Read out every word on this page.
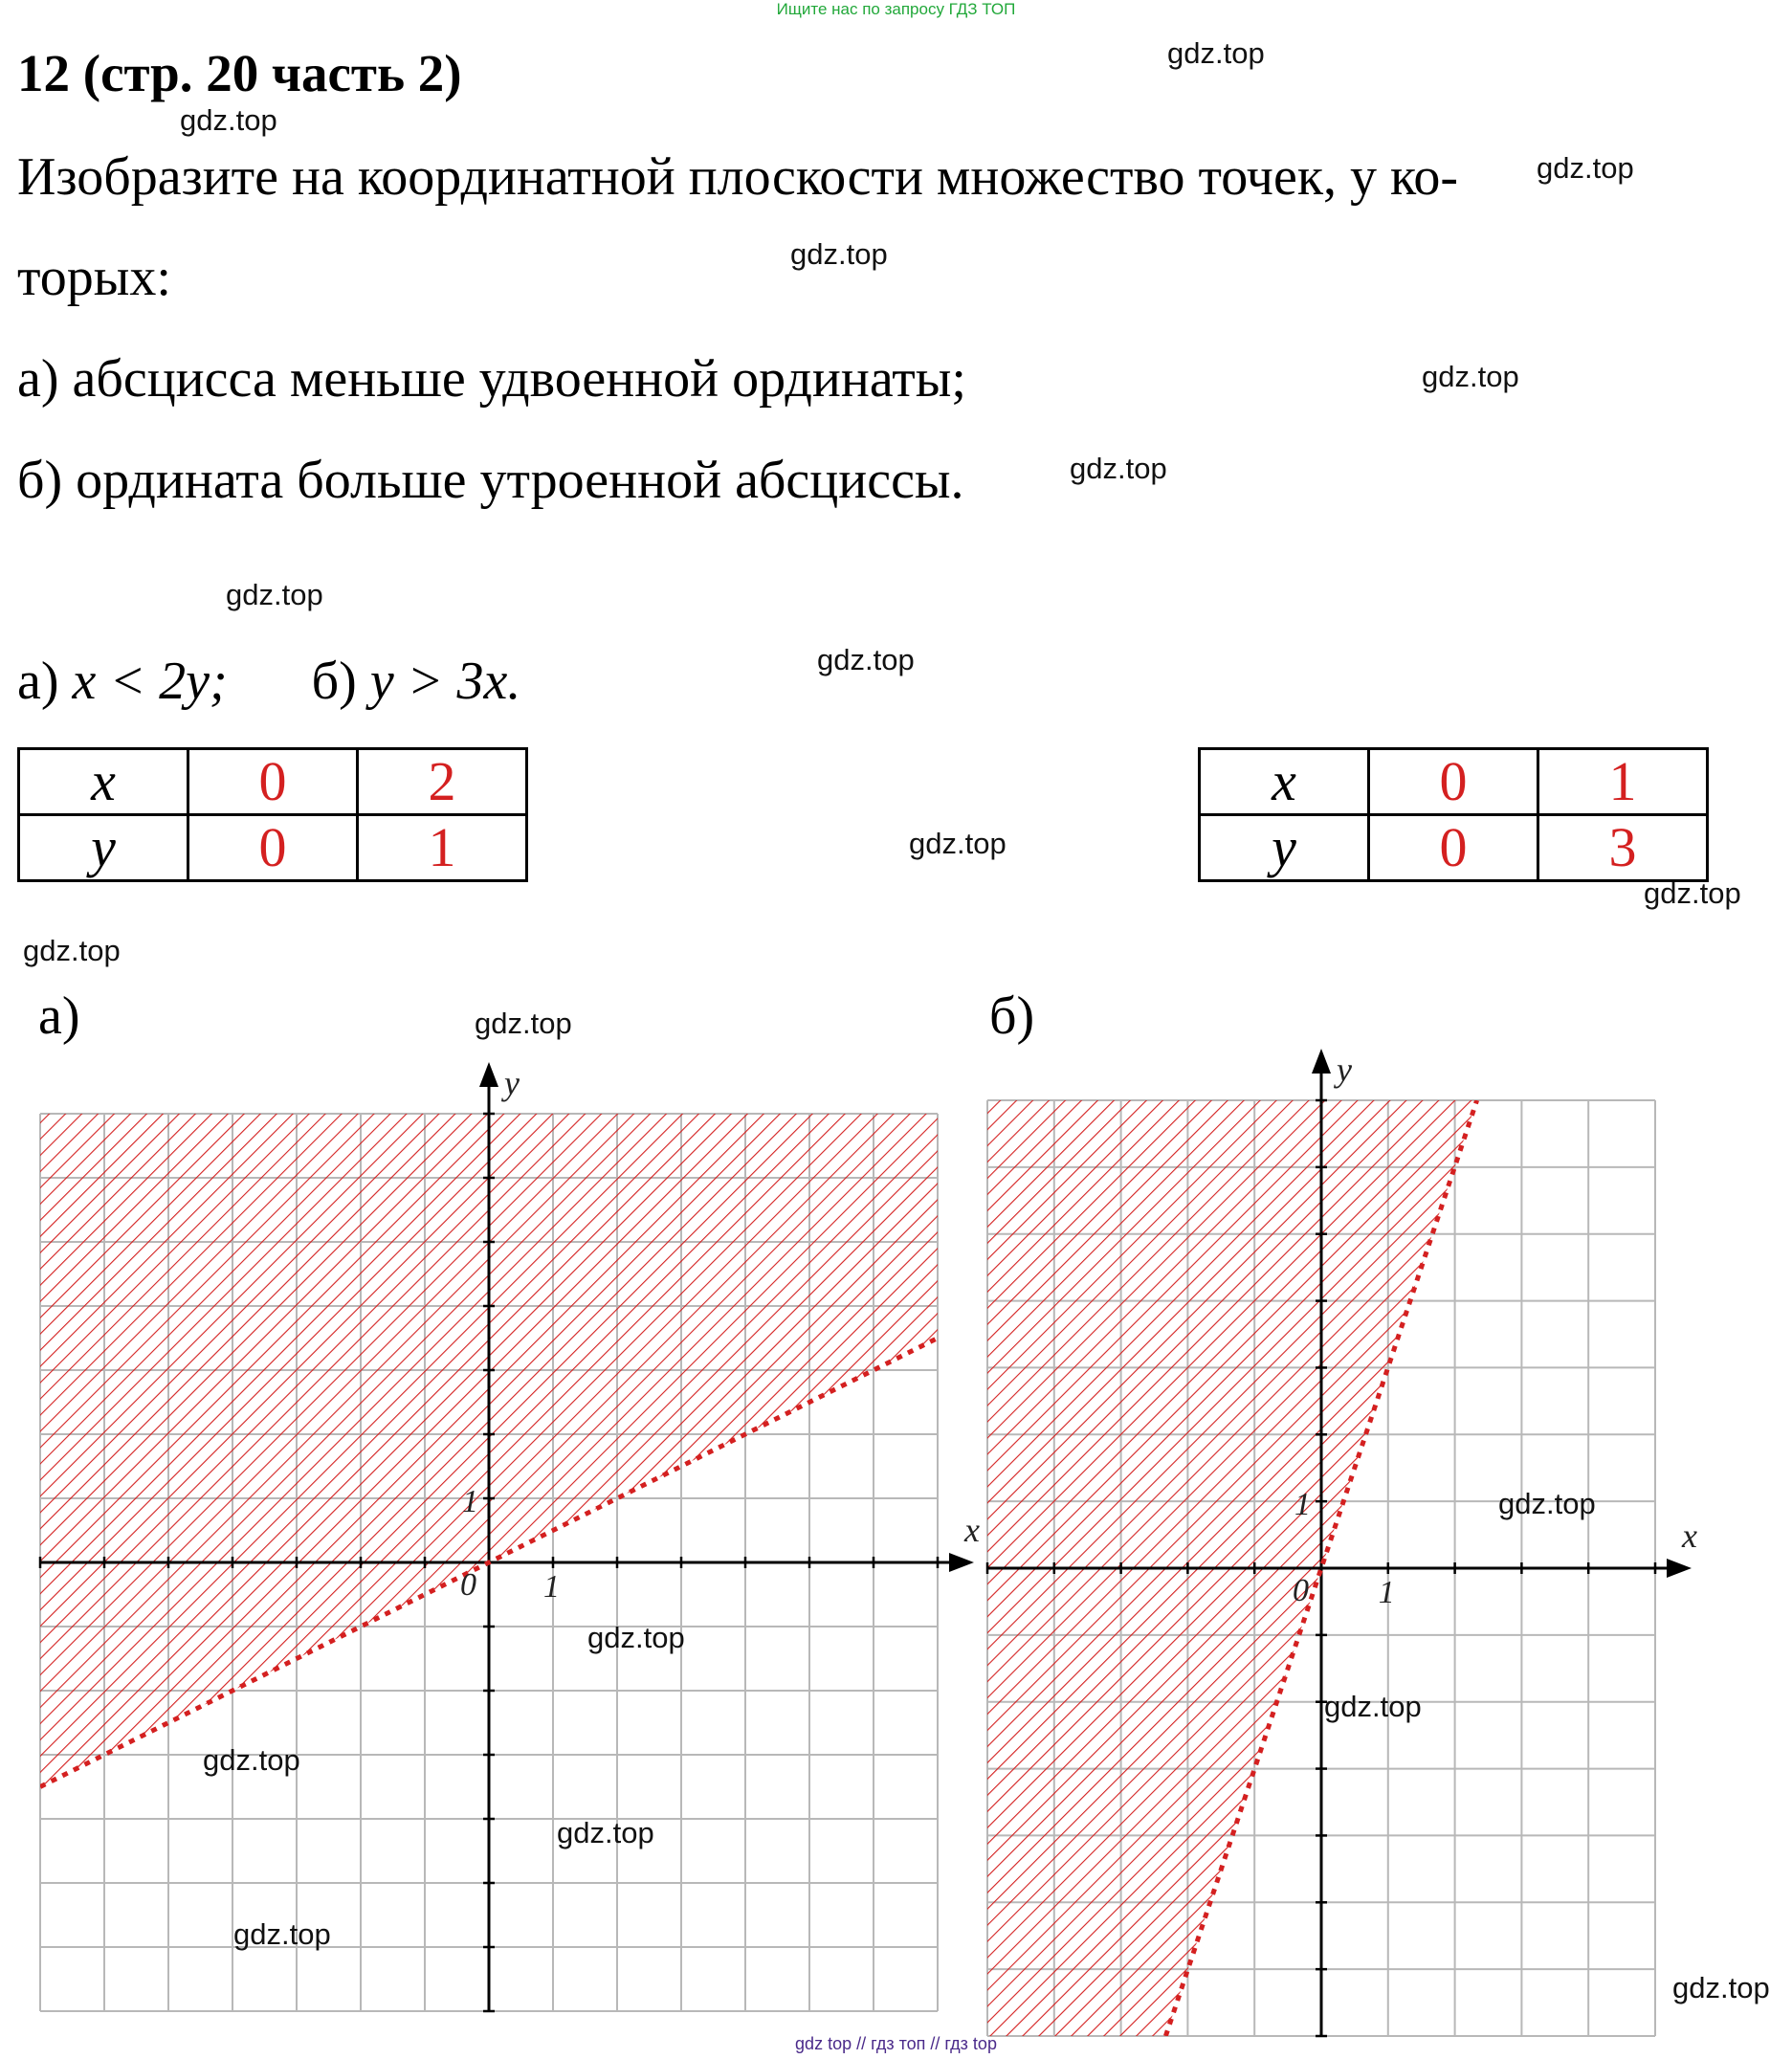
Ищите нас по запросу ГДЗ ТОП
12 (стр. 20 часть 2)
Изобразите на координатной плоскости множество точек, у ко-
торых:
а) абсцисса меньше удвоенной ординаты;
б) ордината больше утроенной абсциссы.
а) x < 2y; б) y > 3x.
x	0	2
y	0	1
x	0	1
y	0	3
а)	б)
x
y
0 1
1
x
y
0 1
1
gdz.top
gdz.top
gdz.top
gdz.top
gdz.top
gdz.top
gdz.top
gdz.top
gdz.top
gdz.top
gdz.top
gdz.top
gdz.top
gdz.top
gdz.top
gdz.top
gdz.top
gdz.top
gdz.top
gdz top // гдз топ // гдз top
